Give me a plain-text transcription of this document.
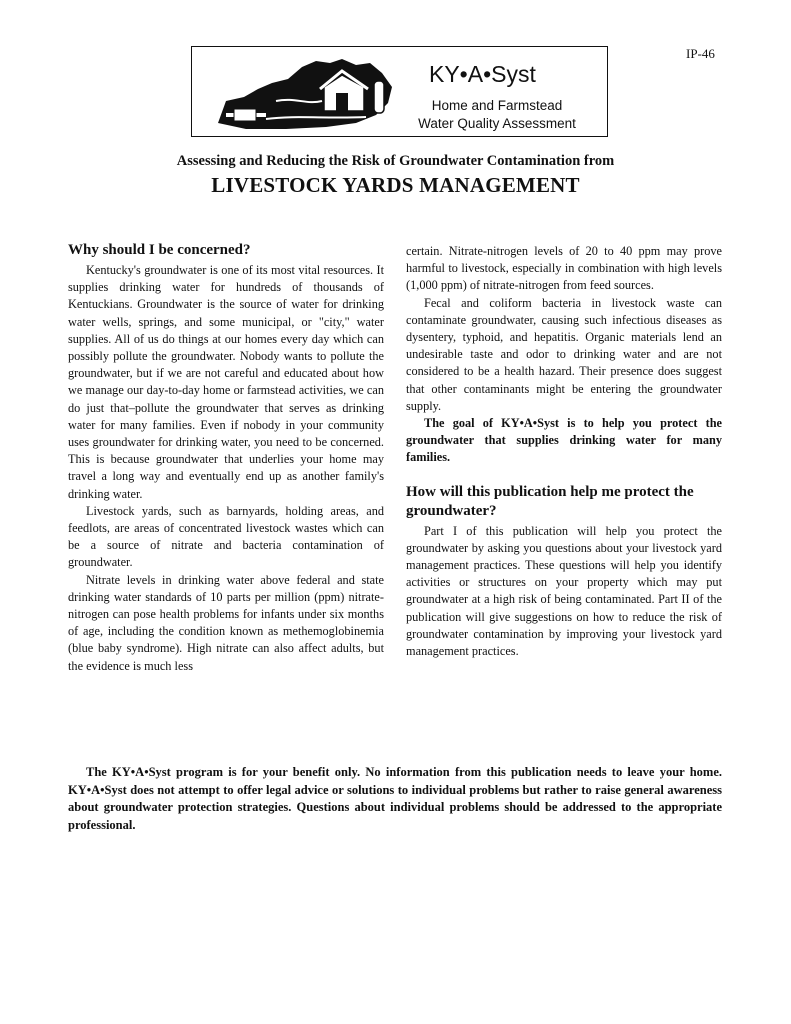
IP-46
KY•A•Syst
Home and Farmstead
Water Quality Assessment
Assessing and Reducing the Risk of Groundwater Contamination from
LIVESTOCK YARDS MANAGEMENT
Why should I be concerned?

Kentucky's groundwater is one of its most vital resources. It supplies drinking water for hundreds of thousands of Kentuckians. Groundwater is the source of water for drinking water wells, springs, and some municipal, or "city," water supplies. All of us do things at our homes every day which can possibly pollute the groundwater. Nobody wants to pollute the groundwater, but if we are not careful and educated about how we manage our day-to-day home or farmstead activities, we can do just that–pollute the groundwater that serves as drinking water for many families. Even if nobody in your community uses groundwater for drinking water, you need to be concerned. This is because groundwater that underlies your home may travel a long way and eventually end up as another family's drinking water.

Livestock yards, such as barnyards, holding areas, and feedlots, are areas of concentrated livestock wastes which can be a source of nitrate and bacteria contamination of groundwater.

Nitrate levels in drinking water above federal and state drinking water standards of 10 parts per million (ppm) nitrate-nitrogen can pose health problems for infants under six months of age, including the condition known as methemoglobinemia (blue baby syndrome). High nitrate can also affect adults, but the evidence is much less

certain. Nitrate-nitrogen levels of 20 to 40 ppm may prove harmful to livestock, especially in combination with high levels (1,000 ppm) of nitrate-nitrogen from feed sources.

Fecal and coliform bacteria in livestock waste can contaminate groundwater, causing such infectious diseases as dysentery, typhoid, and hepatitis. Organic materials lend an undesirable taste and odor to drinking water and are not considered to be a health hazard. Their presence does suggest that other contaminants might be entering the groundwater supply.

The goal of KY•A•Syst is to help you protect the groundwater that supplies drinking water for many families.

How will this publication help me protect the groundwater?

Part I of this publication will help you protect the groundwater by asking you questions about your livestock yard management practices. These questions will help you identify activities or structures on your property which may put groundwater at a high risk of being contaminated. Part II of the publication will give suggestions on how to reduce the risk of groundwater contamination by improving your livestock yard management practices.

The KY•A•Syst program is for your benefit only. No information from this publication needs to leave your home. KY•A•Syst does not attempt to offer legal advice or solutions to individual problems but rather to raise general awareness about groundwater protection strategies. Questions about individual problems should be addressed to the appropriate professional.
